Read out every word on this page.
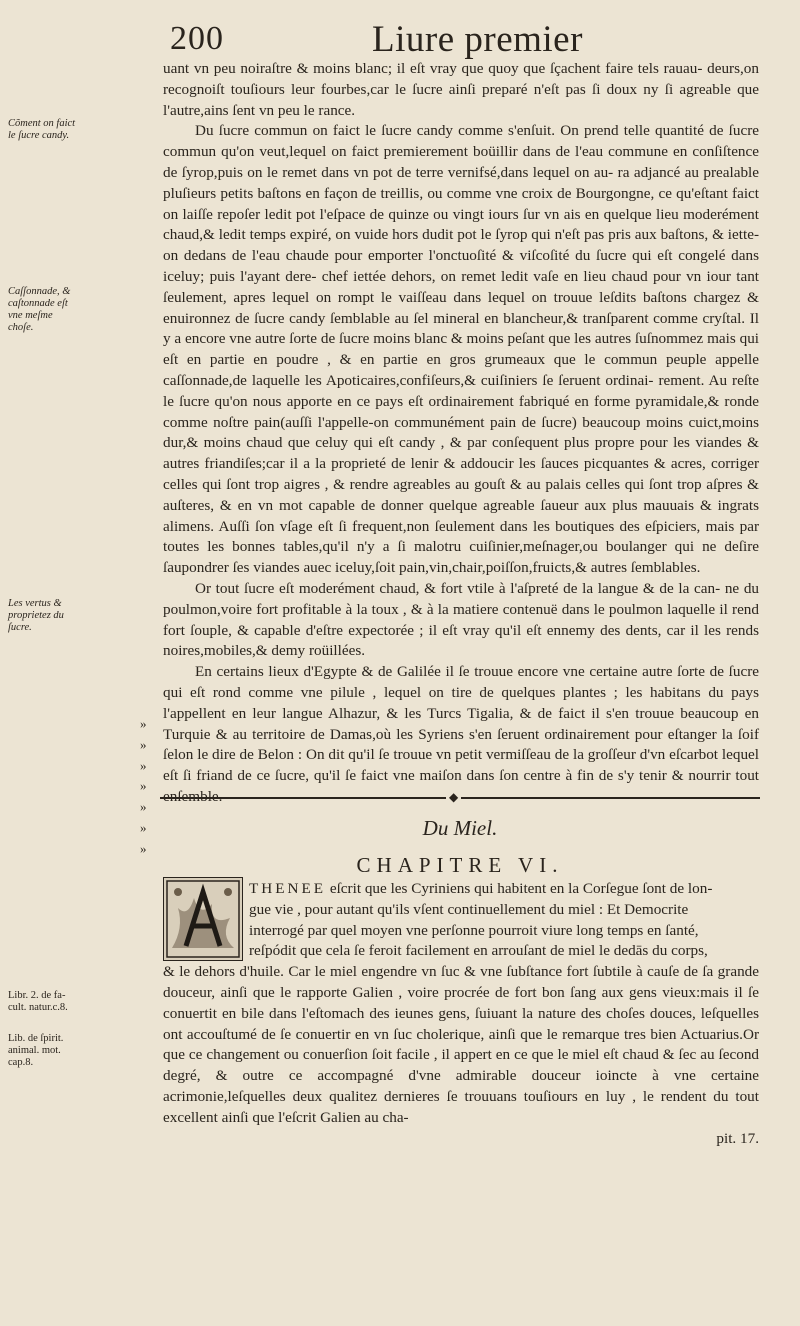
200	Liure premier
Cõment on faict
le ſucre candy.
Caſſonnade, &
caſtonnade eſt
vne meſme
choſe.
Les vertus &
proprietez du
ſucre.
Libr. 2. de fa-
cult. natur.c.8.
Lib. de ſpirit.
animal. mot.
cap.8.

uant vn peu noiraſtre & moins blanc; il eſt vray que quoy que ſçachent faire tels rauau- deurs,on recognoiſt touſiours leur fourbes,car le ſucre ainſi preparé n'eſt pas ſi doux ny ſi agreable que l'autre,ains ſent vn peu le rance.

Du ſucre commun on faict le ſucre candy comme s'enſuit. On prend telle quantité de ſucre commun qu'on veut,lequel on faict premierement boüillir dans de l'eau commune en conſiſtence de ſyrop,puis on le remet dans vn pot de terre vernifsé,dans lequel on au- ra adjancé au prealable pluſieurs petits baſtons en façon de treillis, ou comme vne croix de Bourgongne, ce qu'eſtant faict on laiſſe repoſer ledit pot l'eſpace de quinze ou vingt iours ſur vn ais en quelque lieu moderément chaud,& ledit temps expiré, on vuide hors dudit pot le ſyrop qui n'eſt pas pris aux baſtons, & iette-on dedans de l'eau chaude pour emporter l'onctuoſité & viſcoſité du ſucre qui eſt congelé dans iceluy; puis l'ayant dere- chef iettée dehors, on remet ledit vaſe en lieu chaud pour vn iour tant ſeulement, apres lequel on rompt le vaiſſeau dans lequel on trouue leſdits baſtons chargez & enuironnez de ſucre candy ſemblable au ſel mineral en blancheur,& tranſparent comme cryſtal. Il y a encore vne autre ſorte de ſucre moins blanc & moins peſant que les autres ſuſnommez mais qui eſt en partie en poudre , & en partie en gros grumeaux que le commun peuple appelle caſſonnade,de laquelle les Apoticaires,confiſeurs,& cuiſiniers ſe ſeruent ordinai- rement. Au reſte le ſucre qu'on nous apporte en ce pays eſt ordinairement fabriqué en forme pyramidale,& ronde comme noſtre pain(auſſi l'appelle-on communément pain de ſucre) beaucoup moins cuict,moins dur,& moins chaud que celuy qui eſt candy , & par conſequent plus propre pour les viandes & autres friandiſes;car il a la proprieté de lenir & addoucir les ſauces picquantes & acres, corriger celles qui ſont trop aigres , & rendre agreables au gouſt & au palais celles qui ſont trop aſpres & auſteres, & en vn mot capable de donner quelque agreable ſaueur aux plus mauuais & ingrats alimens. Auſſi ſon vſage eſt ſi frequent,non ſeulement dans les boutiques des eſpiciers, mais par toutes les bonnes tables,qu'il n'y a ſi malotru cuiſinier,meſnager,ou boulanger qui ne deſire ſaupondrer ſes viandes auec iceluy,ſoit pain,vin,chair,poiſſon,fruicts,& autres ſemblables.

Or tout ſucre eſt moderément chaud, & fort vtile à l'aſpreté de la langue & de la can- ne du poulmon,voire fort profitable à la toux , & à la matiere contenuë dans le poulmon laquelle il rend fort ſouple, & capable d'eſtre expectorée ; il eſt vray qu'il eſt ennemy des dents, car il les rends noires,mobiles,& demy roüillées.

En certains lieux d'Egypte & de Galilée il ſe trouue encore vne certaine autre ſorte de ſucre qui eſt rond comme vne pilule , lequel on tire de quelques plantes ; les habitans du pays l'appellent en leur langue Alhazur, & les Turcs Tigalia, & de faict il s'en trouue beaucoup en Turquie & au territoire de Damas,où les Syriens s'en ſeruent ordinairement pour eſtanger la ſoif ſelon le dire de Belon : On dit qu'il ſe trouue vn petit vermiſſeau de la groſſeur d'vn eſcarbot lequel eſt ſi friand de ce ſucre, qu'il ſe faict vne maiſon dans ſon centre à fin de s'y tenir & nourrir tout enſemble.

»
»
»
»
»
»
»
◆
Du Miel.
CHAPITRE VI.
THENEE eſcrit que les Cyriniens qui habitent en la Corſegue ſont de lon-
gue vie , pour autant qu'ils vſent continuellement du miel : Et Democrite
interrogé par quel moyen vne perſonne pourroit viure long temps en ſanté,
reſpódit que cela ſe feroit facilement en arrouſant de miel le dedās du corps,

& le dehors d'huile. Car le miel engendre vn ſuc & vne ſubſtance fort ſubtile à cauſe de ſa grande douceur, ainſi que le rapporte Galien , voire procrée de fort bon ſang aux gens vieux:mais il ſe conuertit en bile dans l'eſtomach des ieunes gens, ſuiuant la nature des choſes douces, leſquelles ont accouſtumé de ſe conuertir en vn ſuc cholerique, ainſi que le remarque tres bien Actuarius.Or que ce changement ou conuerſion ſoit facile , il appert en ce que le miel eſt chaud & ſec au ſecond degré, & outre ce accompagné d'vne admirable douceur ioincte à vne certaine acrimonie,leſquelles deux qualitez dernieres ſe trouuans touſiours en luy , le rendent du tout excellent ainſi que l'eſcrit Galien au cha-

pit. 17.
